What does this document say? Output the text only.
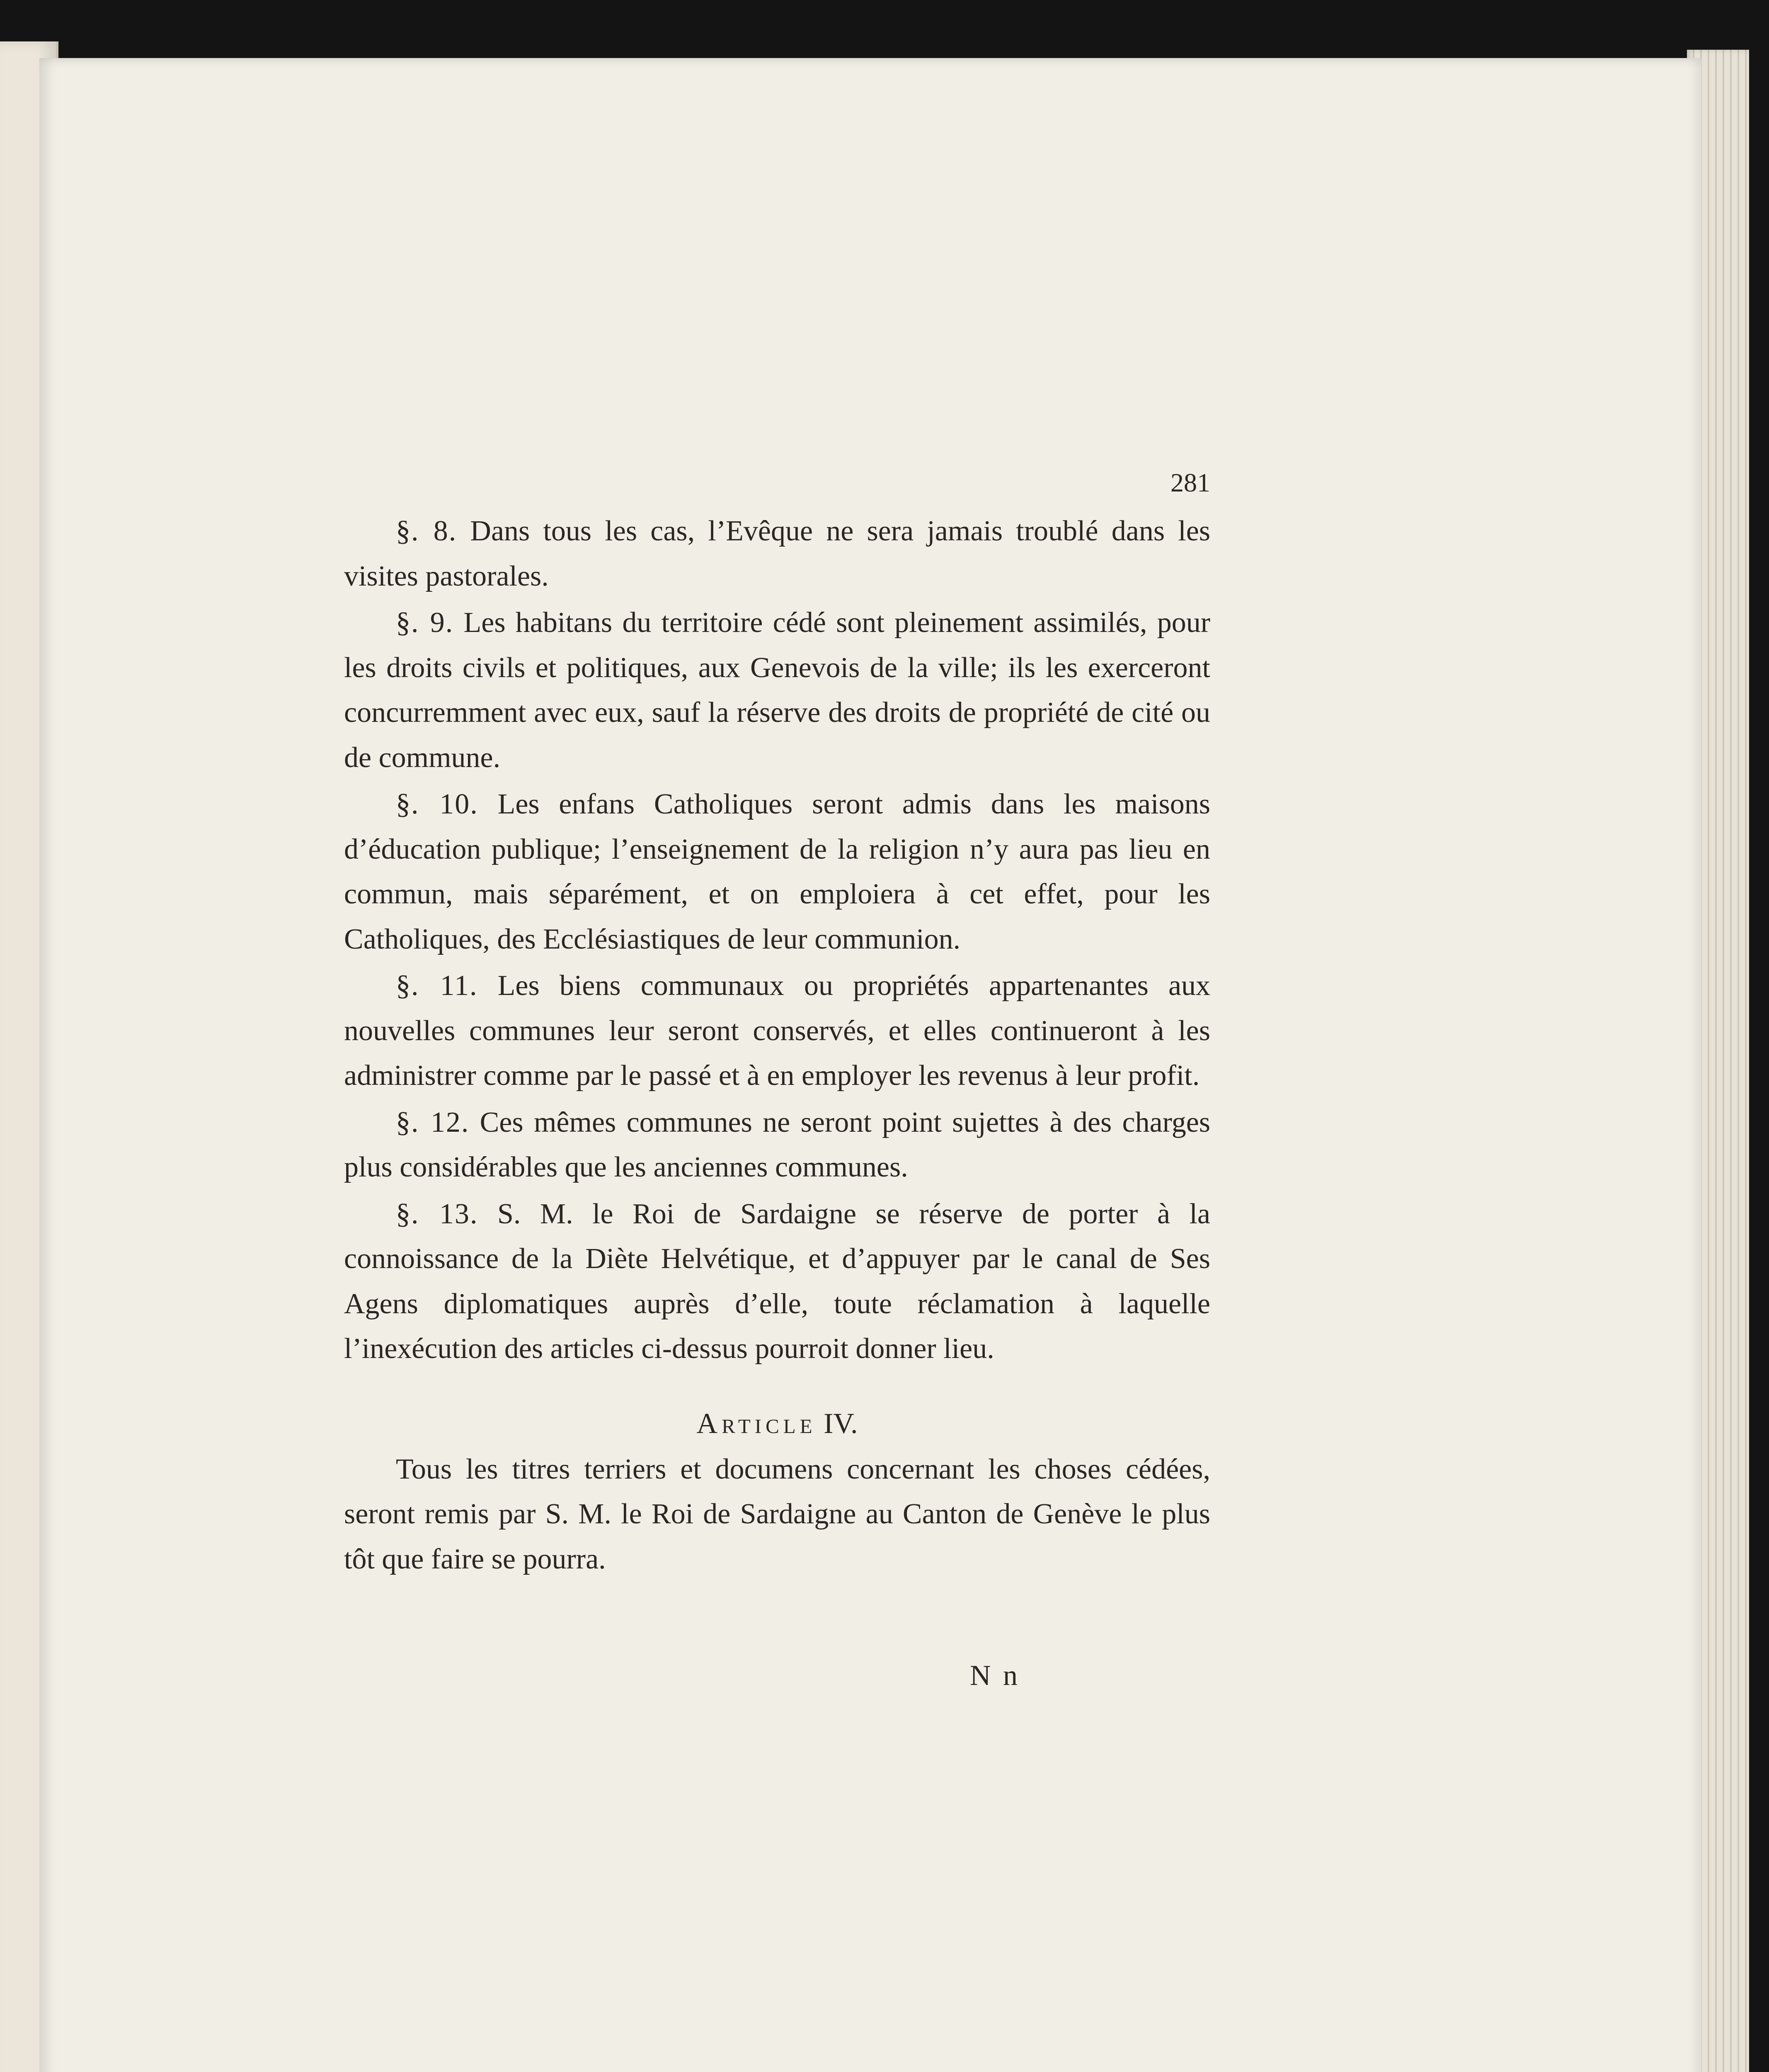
281

§. 8. Dans tous les cas, l’Evêque ne sera jamais troublé dans les visites pastorales.

§. 9. Les habitans du territoire cédé sont pleinement assimilés, pour les droits civils et politiques, aux Genevois de la ville; ils les exerceront concurremment avec eux, sauf la réserve des droits de propriété de cité ou de commune.

§. 10. Les enfans Catholiques seront admis dans les maisons d’éducation publique; l’enseignement de la religion n’y aura pas lieu en commun, mais séparément, et on emploiera à cet effet, pour les Catholiques, des Ecclésiastiques de leur communion.

§. 11. Les biens communaux ou propriétés appartenantes aux nouvelles communes leur seront conservés, et elles continueront à les administrer comme par le passé et à en employer les revenus à leur profit.

§. 12. Ces mêmes communes ne seront point sujettes à des charges plus considérables que les anciennes communes.

§. 13. S. M. le Roi de Sardaigne se réserve de porter à la connoissance de la Diète Helvétique, et d’appuyer par le canal de Ses Agens diplomatiques auprès d’elle, toute réclamation à laquelle l’inexécution des articles ci-dessus pourroit donner lieu.

Article IV.

Tous les titres terriers et documens concernant les choses cédées, seront remis par S. M. le Roi de Sardaigne au Canton de Genève le plus tôt que faire se pourra.

N n
